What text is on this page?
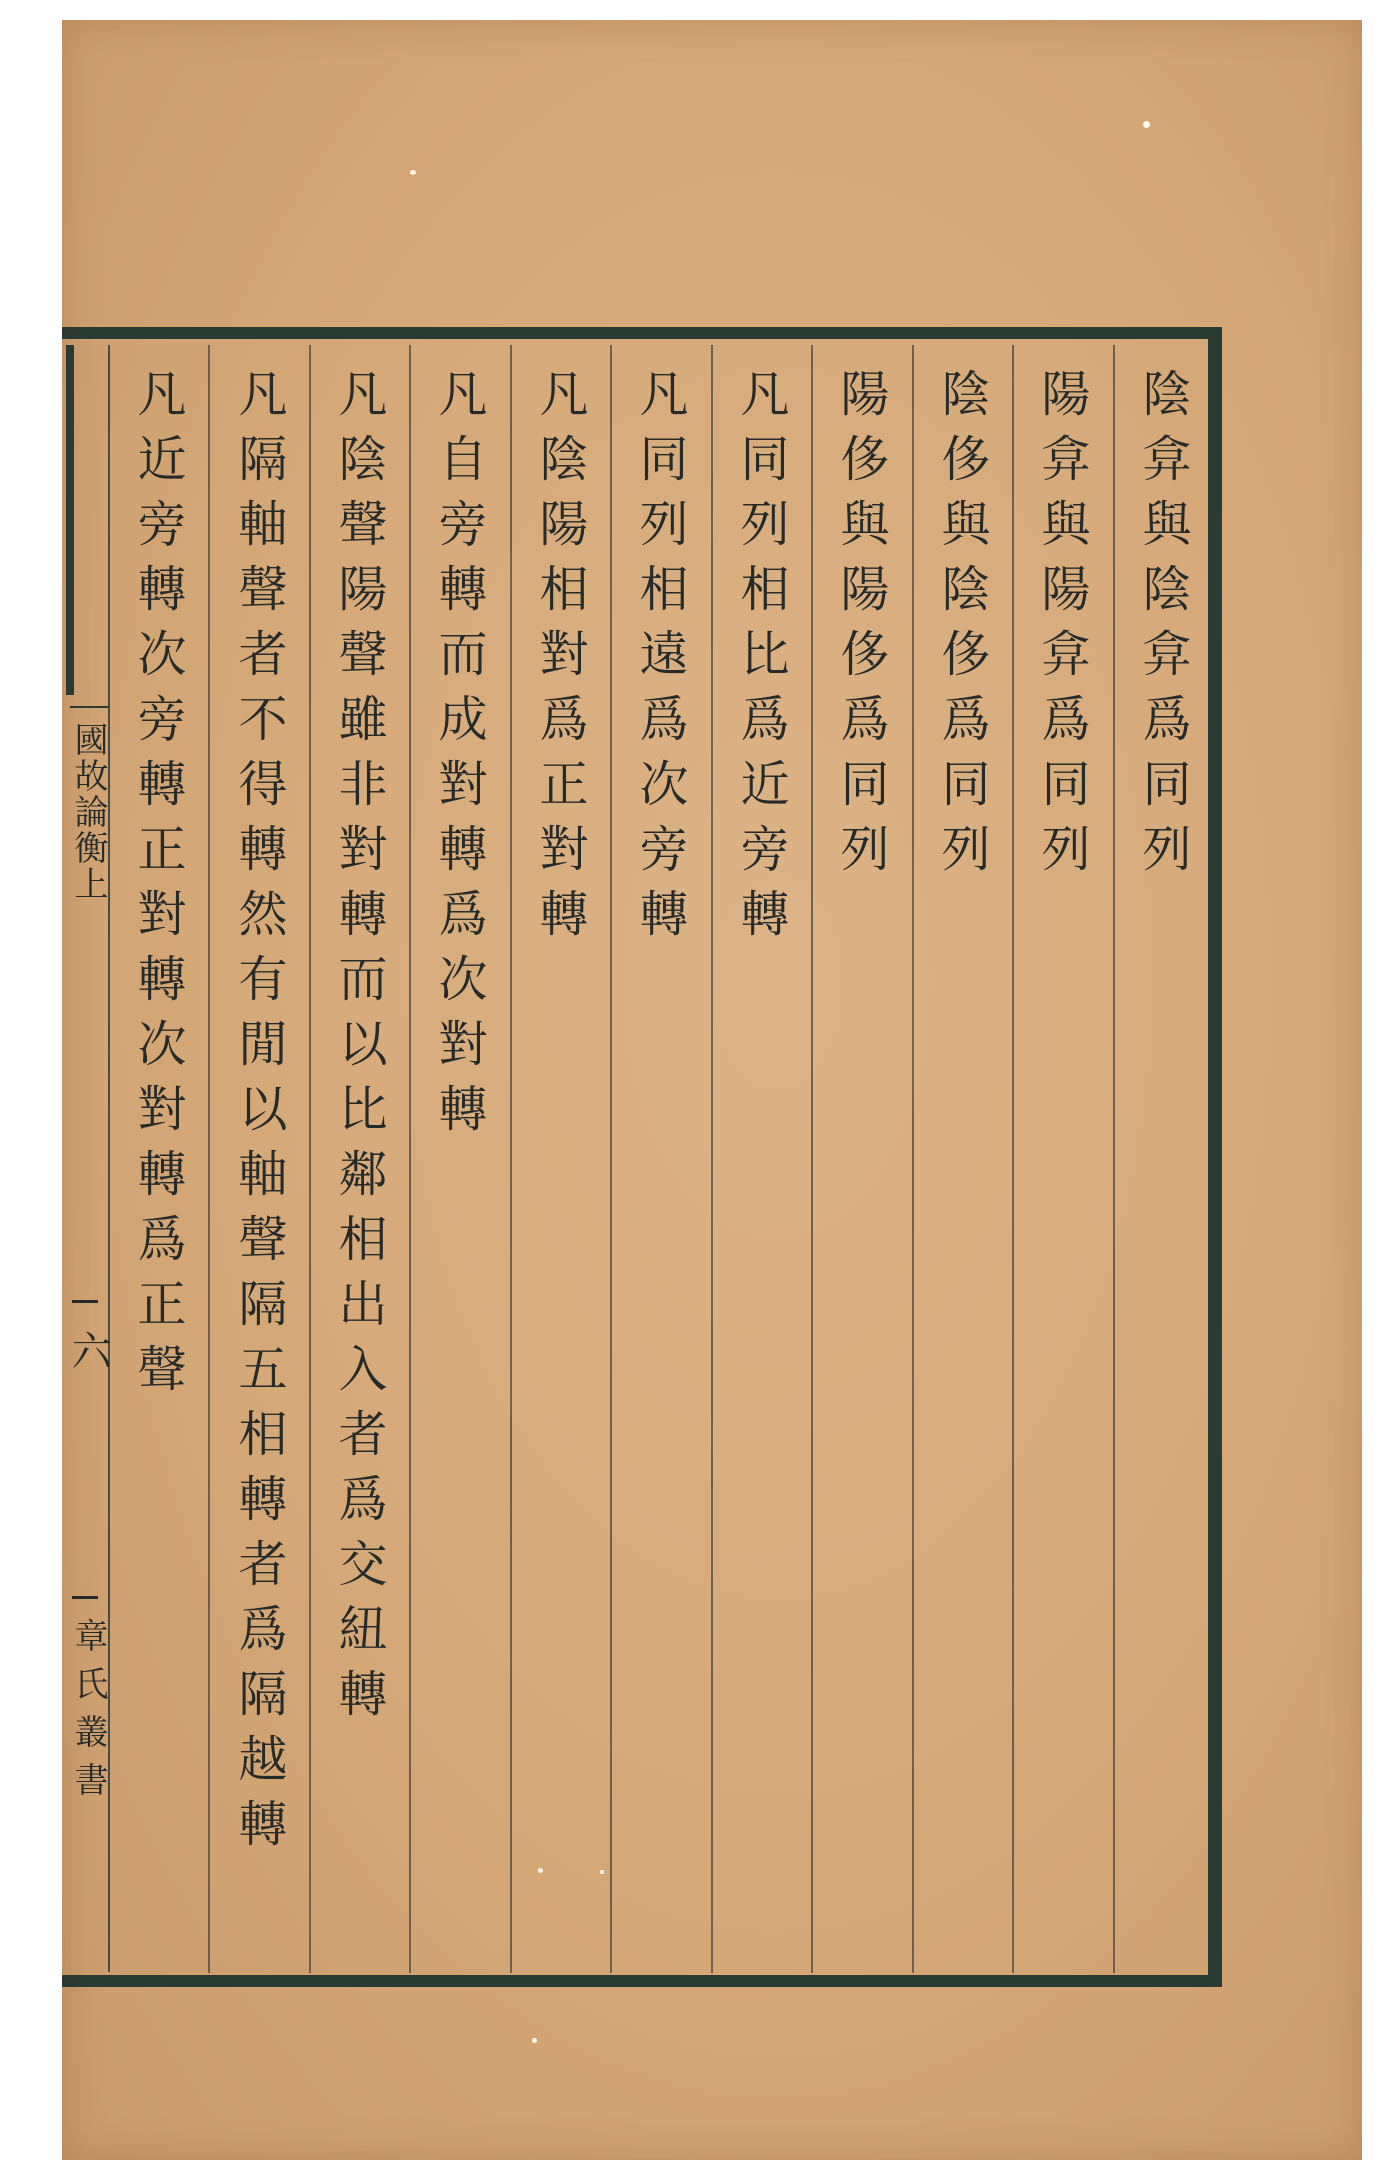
陰弇與陰弇爲同列
陽弇與陽弇爲同列
陰侈與陰侈爲同列
陽侈與陽侈爲同列
凡同列相比爲近旁轉
凡同列相遠爲次旁轉
凡陰陽相對爲正對轉
凡自旁轉而成對轉爲次對轉
凡陰聲陽聲雖非對轉而以比鄰相出入者爲交紐轉
凡隔軸聲者不得轉然有閒以軸聲隔五相轉者爲隔越轉
凡近旁轉次旁轉正對轉次對轉爲正聲
國故論衡上
六
章氏叢書
